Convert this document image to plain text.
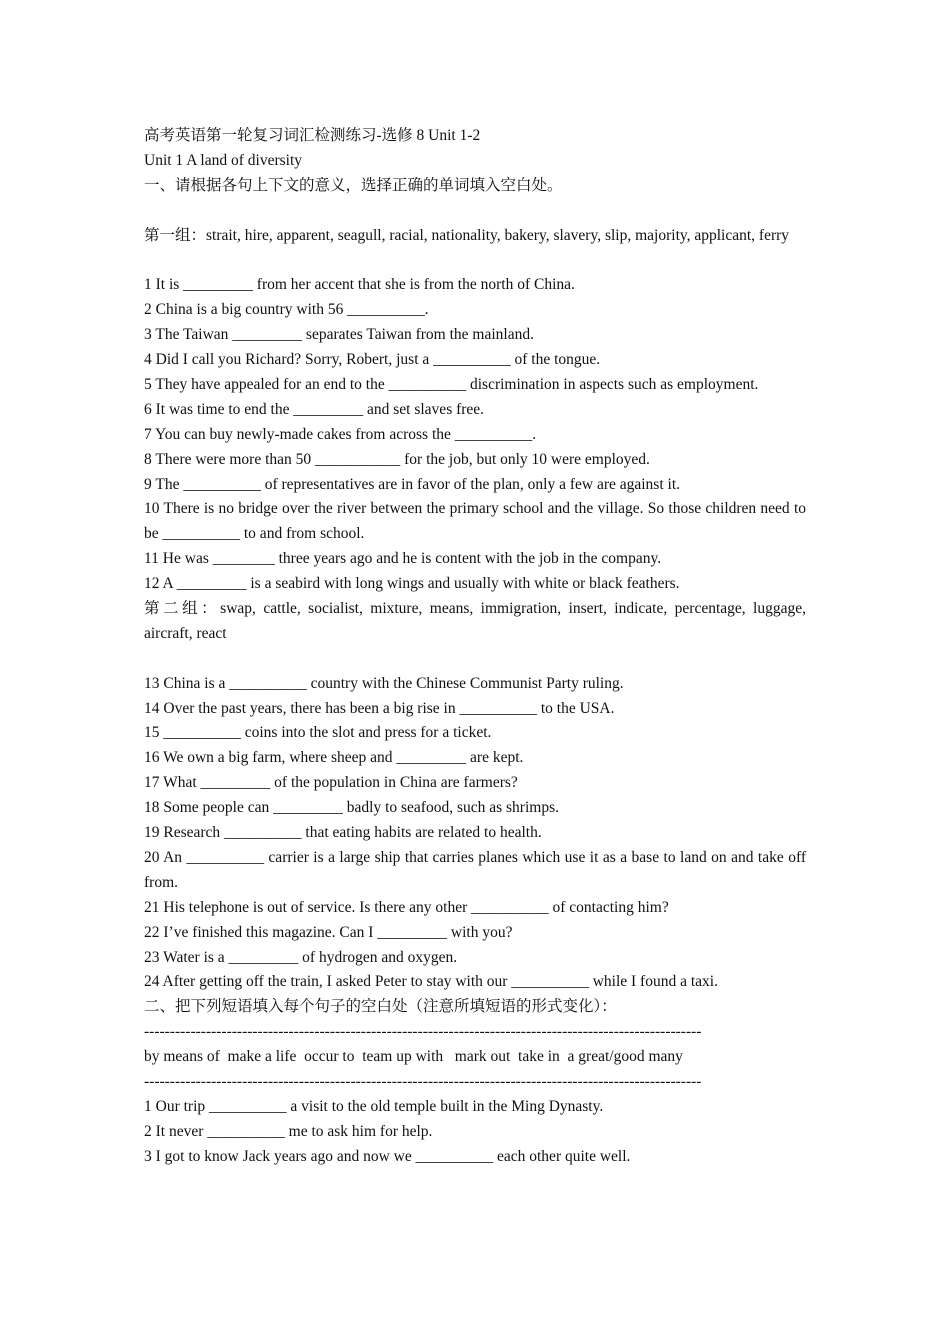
高考英语第一轮复习词汇检测练习-选修 8 Unit 1-2
Unit 1 A land of diversity
一、请根据各句上下文的意义，选择正确的单词填入空白处。
第一组：strait, hire, apparent, seagull, racial, nationality, bakery, slavery, slip, majority, applicant, ferry
1 It is _________ from her accent that she is from the north of China.
2 China is a big country with 56 __________.
3 The Taiwan _________ separates Taiwan from the mainland.
4 Did I call you Richard? Sorry, Robert, just a __________ of the tongue.
5 They have appealed for an end to the __________ discrimination in aspects such as employment.
6 It was time to end the _________ and set slaves free.
7 You can buy newly-made cakes from across the __________.
8 There were more than 50 ___________ for the job, but only 10 were employed.
9 The __________ of representatives are in favor of the plan, only a few are against it.
10 There is no bridge over the river between the primary school and the village. So those children need to be __________ to and from school.
11 He was ________ three years ago and he is content with the job in the company.
12 A _________ is a seabird with long wings and usually with white or black feathers.
第二组：swap, cattle, socialist, mixture, means, immigration, insert, indicate, percentage, luggage, aircraft, react
13 China is a __________ country with the Chinese Communist Party ruling.
14 Over the past years, there has been a big rise in __________ to the USA.
15 __________ coins into the slot and press for a ticket.
16 We own a big farm, where sheep and _________ are kept.
17 What _________ of the population in China are farmers?
18 Some people can _________ badly to seafood, such as shrimps.
19 Research __________ that eating habits are related to health.
20 An __________ carrier is a large ship that carries planes which use it as a base to land on and take off from.
21 His telephone is out of service. Is there any other __________ of contacting him?
22 I’ve finished this magazine. Can I _________ with you?
23 Water is a _________ of hydrogen and oxygen.
24 After getting off the train, I asked Peter to stay with our __________ while I found a taxi.
二、把下列短语填入每个句子的空白处（注意所填短语的形式变化）：
------------------------------------------------------------------------------------------------------------
by means of  make a life  occur to  team up with   mark out  take in  a great/good many
------------------------------------------------------------------------------------------------------------
1 Our trip __________ a visit to the old temple built in the Ming Dynasty.
2 It never __________ me to ask him for help.
3 I got to know Jack years ago and now we __________ each other quite well.
